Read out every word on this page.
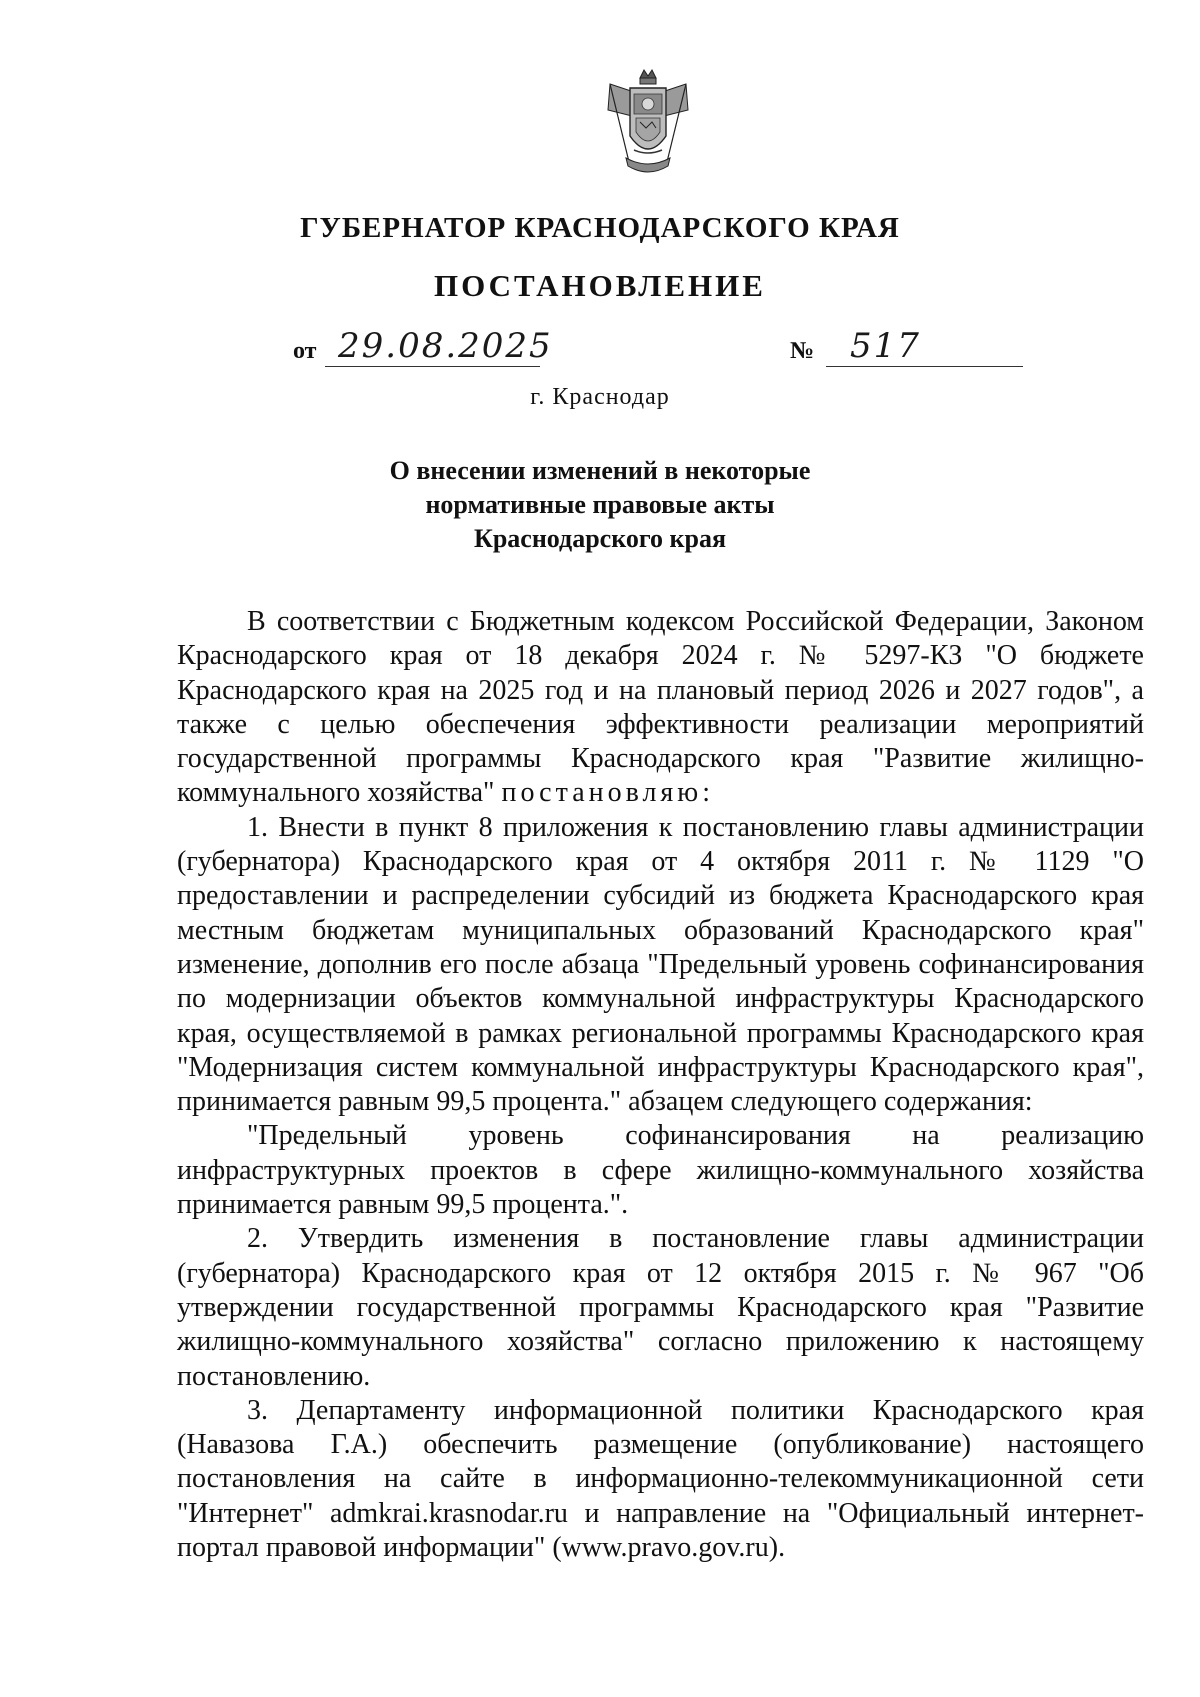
ГУБЕРНАТОР КРАСНОДАРСКОГО КРАЯ
ПОСТАНОВЛЕНИЕ
от 29.08.2025	№ 517
г. Краснодар
О внесении изменений в некоторые
нормативные правовые акты
Краснодарского края

В соответствии с Бюджетным кодексом Российской Федерации, Законом Краснодарского края от 18 декабря 2024 г. № 5297-КЗ "О бюджете Краснодарского края на 2025 год и на плановый период 2026 и 2027 годов", а также с целью обеспечения эффективности реализации мероприятий государственной программы Краснодарского края "Развитие жилищно-коммунального хозяйства" постановляю:

1. Внести в пункт 8 приложения к постановлению главы администрации (губернатора) Краснодарского края от 4 октября 2011 г. № 1129 "О предоставлении и распределении субсидий из бюджета Краснодарского края местным бюджетам муниципальных образований Краснодарского края" изменение, дополнив его после абзаца "Предельный уровень софинансирования по модернизации объектов коммунальной инфраструктуры Краснодарского края, осуществляемой в рамках региональной программы Краснодарского края "Модернизация систем коммунальной инфраструктуры Краснодарского края", принимается равным 99,5 процента." абзацем следующего содержания:

"Предельный уровень софинансирования на реализацию инфраструктурных проектов в сфере жилищно-коммунального хозяйства принимается равным 99,5 процента.".

2. Утвердить изменения в постановление главы администрации (губернатора) Краснодарского края от 12 октября 2015 г. № 967 "Об утверждении государственной программы Краснодарского края "Развитие жилищно-коммунального хозяйства" согласно приложению к настоящему постановлению.

3. Департаменту информационной политики Краснодарского края (Навазова Г.А.) обеспечить размещение (опубликование) настоящего постановления на сайте в информационно-телекоммуникационной сети "Интернет" admkrai.krasnodar.ru и направление на "Официальный интернет-портал правовой информации" (www.pravo.gov.ru).
